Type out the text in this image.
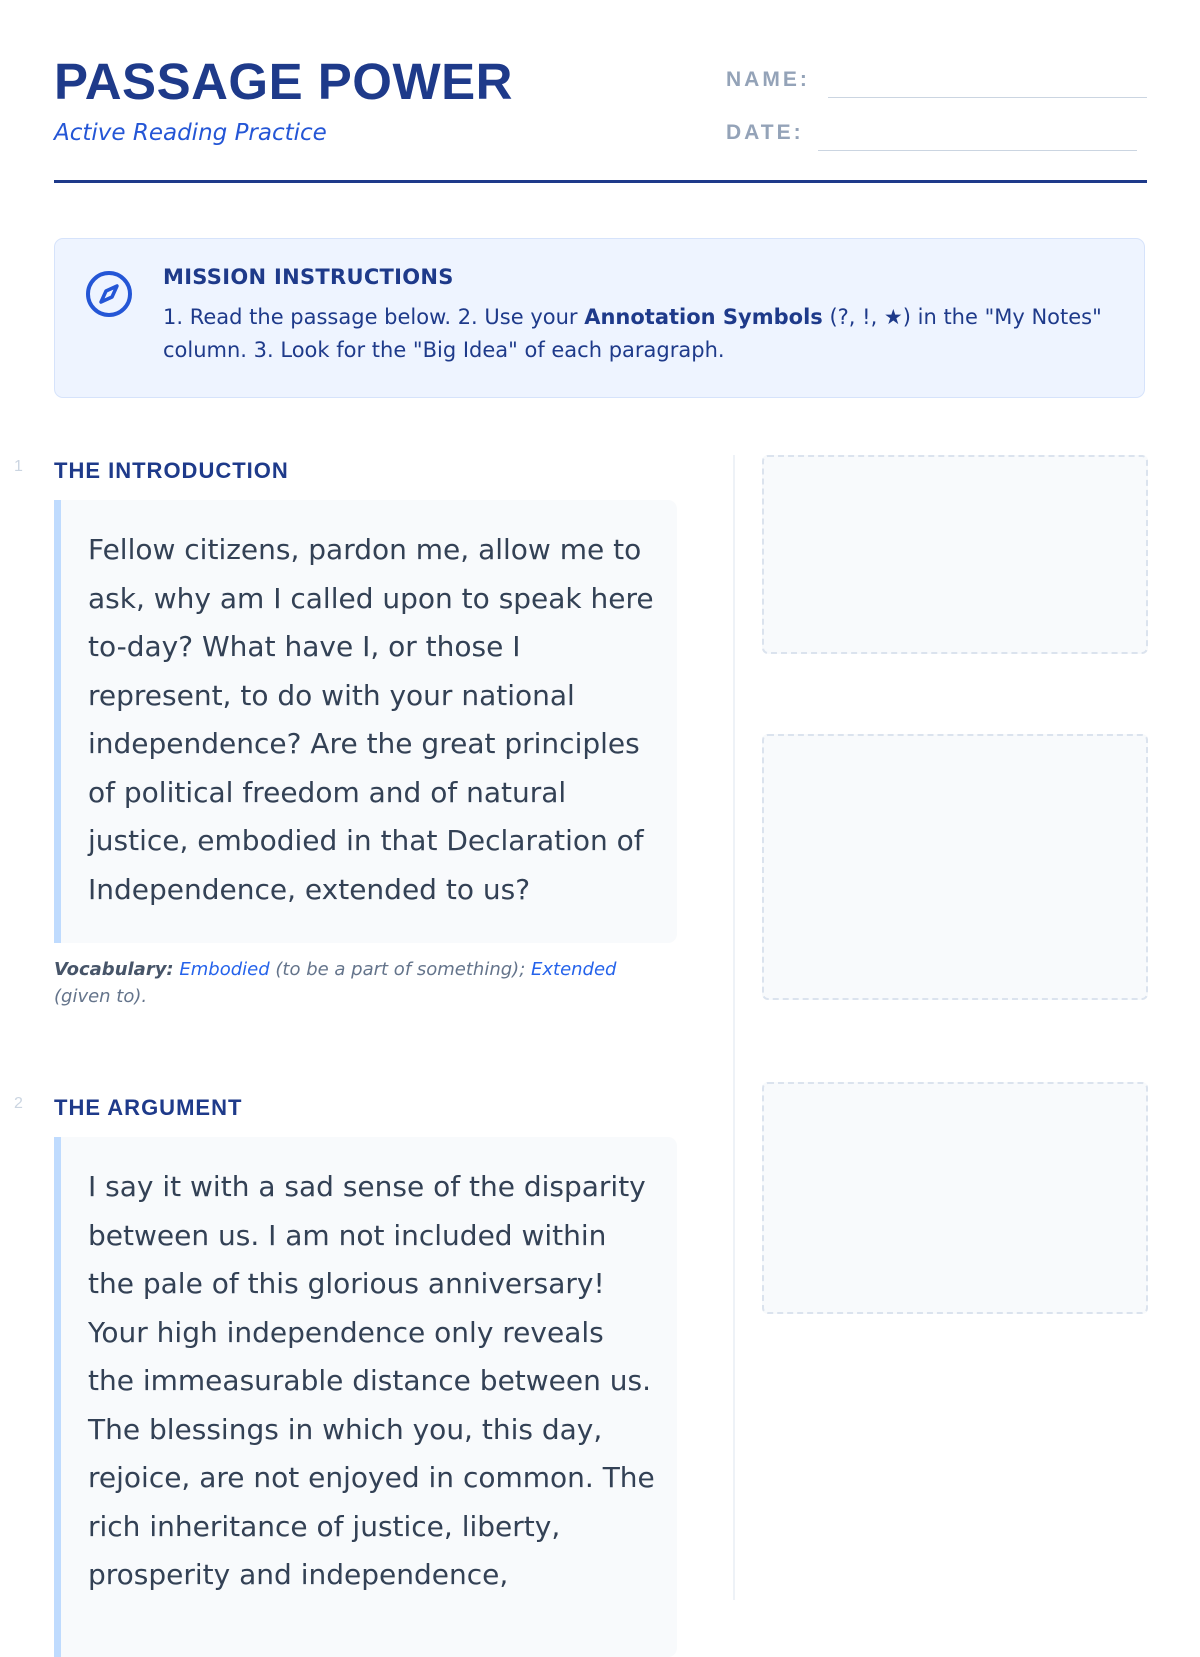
PASSAGE POWER
Active Reading Practice
NAME:
DATE:
MISSION INSTRUCTIONS
1. Read the passage below. 2. Use your Annotation Symbols (?, !, ★) in the "My Notes" column. 3. Look for the "Big Idea" of each paragraph.
1 THE INTRODUCTION
Fellow citizens, pardon me, allow me to ask, why am I called upon to speak here to-day? What have I, or those I represent, to do with your national independence? Are the great principles of political freedom and of natural justice, embodied in that Declaration of Independence, extended to us?
Vocabulary: Embodied (to be a part of something); Extended (given to).
2 THE ARGUMENT
I say it with a sad sense of the disparity between us. I am not included within the pale of this glorious anniversary! Your high independence only reveals the immeasurable distance between us. The blessings in which you, this day, rejoice, are not enjoyed in common. The rich inheritance of justice, liberty, prosperity and independence,
